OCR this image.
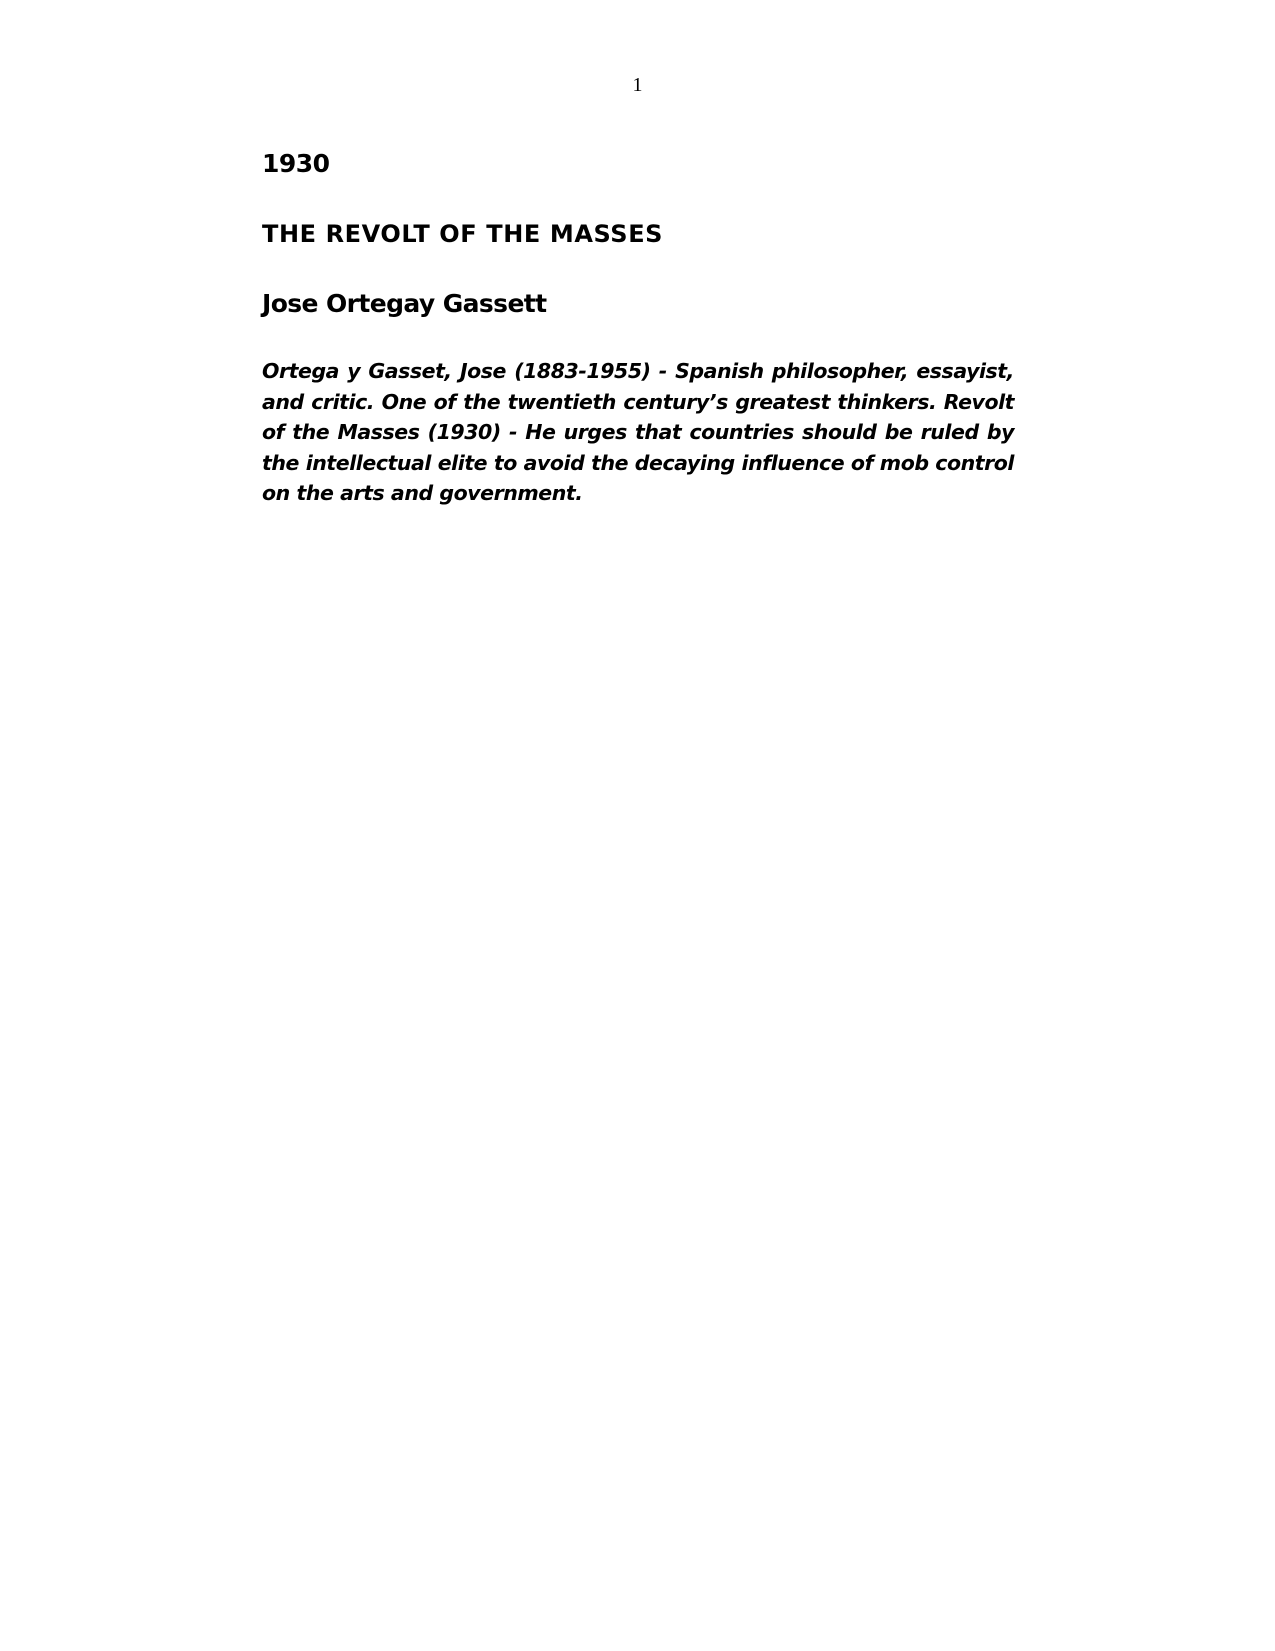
1
1930
THE REVOLT OF THE MASSES
Jose Ortegay Gassett

Ortega y Gasset, Jose (1883-1955) - Spanish philosopher, essayist, and critic. One of the twentieth century’s greatest thinkers. Revolt of the Masses (1930) - He urges that countries should be ruled by the intellectual elite to avoid the decaying influence of mob control on the arts and government.
